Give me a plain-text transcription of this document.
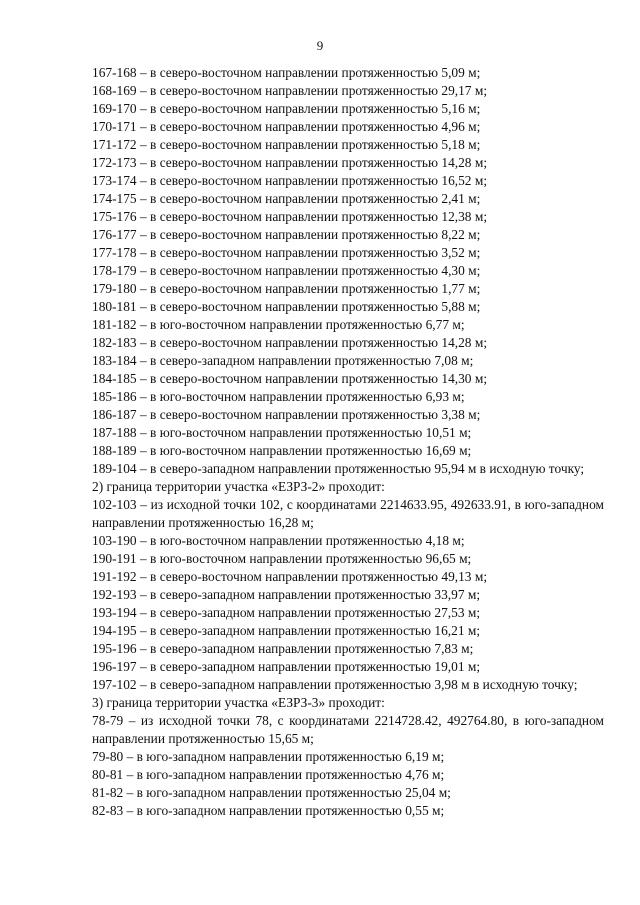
9
167-168 – в северо-восточном направлении протяженностью 5,09 м;
168-169 – в северо-восточном направлении протяженностью 29,17 м;
169-170 – в северо-восточном направлении протяженностью 5,16 м;
170-171 – в северо-восточном направлении протяженностью 4,96 м;
171-172 – в северо-восточном направлении протяженностью 5,18 м;
172-173 – в северо-восточном направлении протяженностью 14,28 м;
173-174 – в северо-восточном направлении протяженностью 16,52 м;
174-175 – в северо-восточном направлении протяженностью 2,41 м;
175-176 – в северо-восточном направлении протяженностью 12,38 м;
176-177 – в северо-восточном направлении протяженностью 8,22 м;
177-178 – в северо-восточном направлении протяженностью 3,52 м;
178-179 – в северо-восточном направлении протяженностью 4,30 м;
179-180 – в северо-восточном направлении протяженностью 1,77 м;
180-181 – в северо-восточном направлении протяженностью 5,88 м;
181-182 – в юго-восточном направлении протяженностью 6,77 м;
182-183 – в северо-восточном направлении протяженностью 14,28 м;
183-184 – в северо-западном направлении протяженностью 7,08 м;
184-185 – в северо-восточном направлении протяженностью 14,30 м;
185-186 – в юго-восточном направлении протяженностью 6,93 м;
186-187 – в северо-восточном направлении протяженностью 3,38 м;
187-188 – в юго-восточном направлении протяженностью 10,51 м;
188-189 – в юго-восточном направлении протяженностью 16,69 м;
189-104 – в северо-западном направлении протяженностью 95,94 м в исходную точку;
2) граница территории участка «ЕЗРЗ-2» проходит:
102-103 – из исходной точки 102, с координатами 2214633.95, 492633.91, в юго-западном направлении протяженностью 16,28 м;
103-190 – в юго-восточном направлении протяженностью 4,18 м;
190-191 – в юго-восточном направлении протяженностью 96,65 м;
191-192 – в северо-восточном направлении протяженностью 49,13 м;
192-193 – в северо-западном направлении протяженностью 33,97 м;
193-194 – в северо-западном направлении протяженностью 27,53 м;
194-195 – в северо-западном направлении протяженностью 16,21 м;
195-196 – в северо-западном направлении протяженностью 7,83 м;
196-197 – в северо-западном направлении протяженностью 19,01 м;
197-102 – в северо-западном направлении протяженностью 3,98 м в исходную точку;
3) граница территории участка «ЕЗРЗ-3» проходит:
78-79 – из исходной точки 78, с координатами 2214728.42, 492764.80, в юго-западном направлении протяженностью 15,65 м;
79-80 – в юго-западном направлении протяженностью 6,19 м;
80-81 – в юго-западном направлении протяженностью 4,76 м;
81-82 – в юго-западном направлении протяженностью 25,04 м;
82-83 – в юго-западном направлении протяженностью 0,55 м;
